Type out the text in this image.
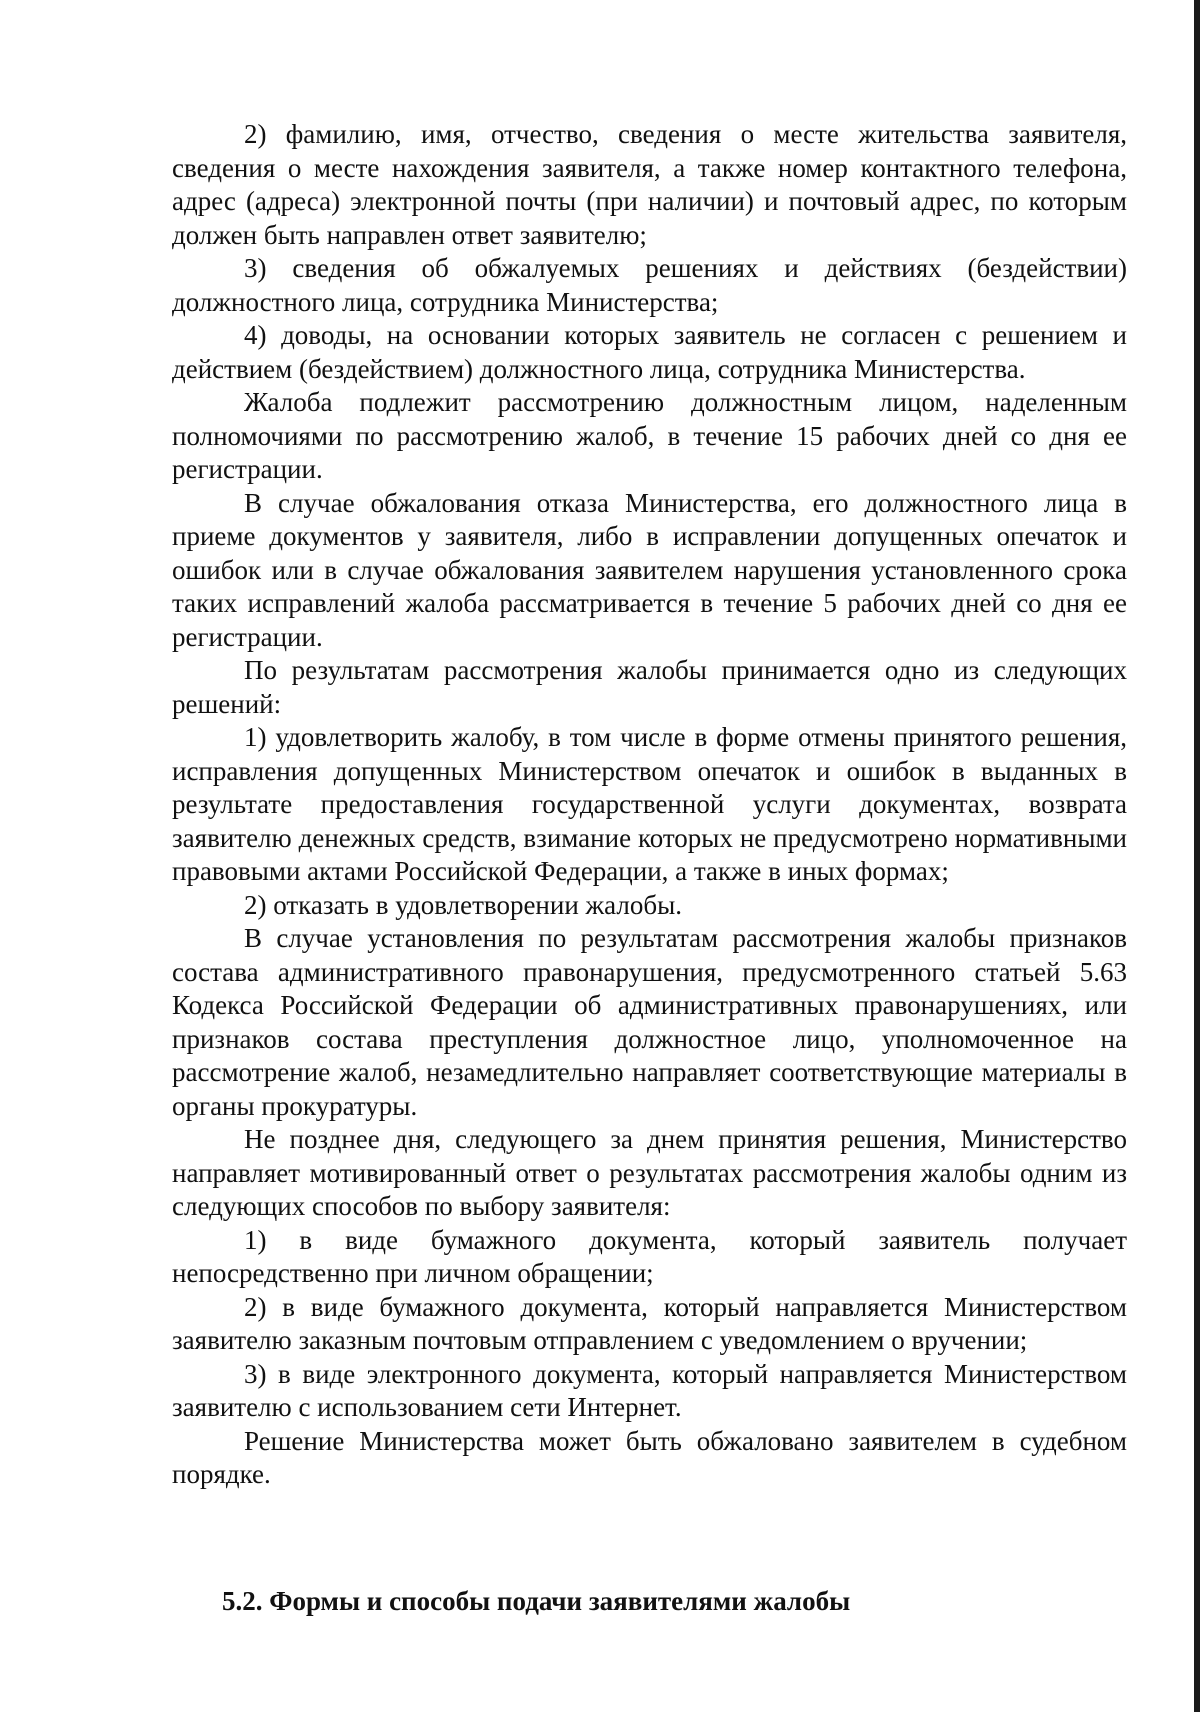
2) фамилию, имя, отчество, сведения о месте жительства заявителя, сведения о месте нахождения заявителя, а также номер контактного телефона, адрес (адреса) электронной почты (при наличии) и почтовый адрес, по которым должен быть направлен ответ заявителю;

3) сведения об обжалуемых решениях и действиях (бездействии) должностного лица, сотрудника Министерства;

4) доводы, на основании которых заявитель не согласен с решением и действием (бездействием) должностного лица, сотрудника Министерства.

Жалоба подлежит рассмотрению должностным лицом, наделенным полномочиями по рассмотрению жалоб, в течение 15 рабочих дней со дня ее регистрации.

В случае обжалования отказа Министерства, его должностного лица в приеме документов у заявителя, либо в исправлении допущенных опечаток и ошибок или в случае обжалования заявителем нарушения установленного срока таких исправлений жалоба рассматривается в течение 5 рабочих дней со дня ее регистрации.

По результатам рассмотрения жалобы принимается одно из следующих решений:

1) удовлетворить жалобу, в том числе в форме отмены принятого решения, исправления допущенных Министерством опечаток и ошибок в выданных в результате предоставления государственной услуги документах, возврата заявителю денежных средств, взимание которых не предусмотрено нормативными правовыми актами Российской Федерации, а также в иных формах;

2) отказать в удовлетворении жалобы.

В случае установления по результатам рассмотрения жалобы признаков состава административного правонарушения, предусмотренного статьей 5.63 Кодекса Российской Федерации об административных правонарушениях, или признаков состава преступления должностное лицо, уполномоченное на рассмотрение жалоб, незамедлительно направляет соответствующие материалы в органы прокуратуры.

Не позднее дня, следующего за днем принятия решения, Министерство направляет мотивированный ответ о результатах рассмотрения жалобы одним из следующих способов по выбору заявителя:

1) в виде бумажного документа, который заявитель получает непосредственно при личном обращении;

2) в виде бумажного документа, который направляется Министерством заявителю заказным почтовым отправлением с уведомлением о вручении;

3) в виде электронного документа, который направляется Министерством заявителю с использованием сети Интернет.

Решение Министерства может быть обжаловано заявителем в судебном порядке.

5.2. Формы и способы подачи заявителями жалобы
